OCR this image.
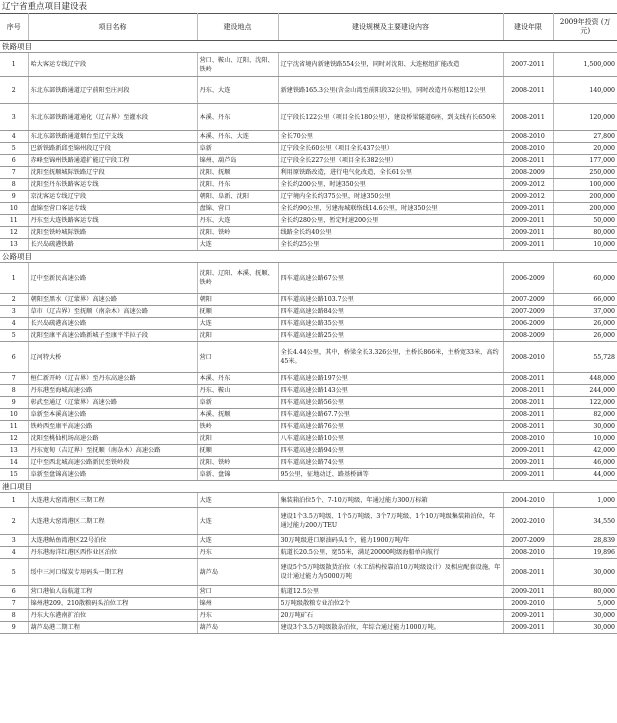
辽宁省重点项目建设表
序号	项目名称	建设地点	建设规模及主要建设内容	建设年限	2009年投资 (万元)

铁路项目					

1	哈大客运专线辽宁段	营口、鞍山、辽阳、沈阳、铁岭	辽宁沈省境内新建铁路554公里，同时对沈阳、大连枢纽扩能改造	2007-2011	1,500,000

2	东北东部铁路通道辽宁前阳至庄河段	丹东、大连	新建铁路165.3公里(含金山湾至前阳段32公里)，同时改造丹东枢纽12公里	2008-2011	140,000

3	东北东部铁路通道通化（辽吉界）至灌水段	本溪、丹东	辽宁段长122公里（项目全长180公里），建设桥梁隧道6座，到支线有长650米	2008-2011	120,000

4	东北东部铁路通道烟台至辽宁支线	本溪、丹东、大连	全长70公里	2008-2010	27,800

5	巴新铁路新邱至锦州段辽宁段	阜新	辽宁段全长60公里（项目全长437公里）	2008-2010	20,000

6	赤峰至锦州铁路通道扩能辽宁段工程	锦州、葫芦岛	辽宁段全长227公里（项目全长382公里）	2008-2011	177,000

7	沈阳至抚顺城际铁路辽宁段	沈阳、抚顺	利用原铁路改造，进行电气化改造，全长61公里	2008-2009	250,000

8	沈阳至丹东铁路客运专线	沈阳、丹东	全长约200公里，时速350公里	2009-2012	100,000

9	京沈客运专线辽宁段	朝阳、阜新、沈阳	辽宁境内全长约375公里，时速350公里	2009-2012	200,000

10	盘锦至营口客运专线	盘锦、营口	全长约90公里，另建海城联络线14.6公里，时速350公里	2009-2011	200,000

11	丹东至大连铁路客运专线	丹东、大连	全长约280公里，暂定时速200公里	2009-2011	50,000

12	沈阳至铁岭城际铁路	沈阳、铁岭	线路全长约40公里	2009-2011	80,000

13	长兴岛疏港铁路	大连	全长约25公里	2009-2011	10,000

公路项目					

1	辽中至新民高速公路	沈阳、辽阳、本溪、抚顺、铁岭	四车道高速公路67公里	2006-2009	60,000

2	朝阳至黑水（辽蒙界）高速公路	朝阳	四车道高速公路103.7公里	2007-2009	66,000

3	草市（辽吉界）至抚顺（南杂木）高速公路	抚顺	四车道高速公路84公里	2007-2009	37,000

4	长兴岛疏港高速公路	大连	四车道高速公路35公里	2006-2009	26,000

5	沈阳至康平高速公路新城子至康平半拉子段	沈阳	四车道高速公路25公里	2008-2009	26,000

6	辽河特大桥	营口	全长4.44公里，其中，桥梁全长3.326公里，主桥长866米，主桥宽33米，高约45米。	2008-2010	55,728

7	桓仁新开岭（辽吉界）至丹东高速公路	本溪、丹东	四车道高速公路197公里	2008-2011	448,000

8	丹东港至海城高速公路	丹东、鞍山	四车道高速公路143公里	2008-2011	244,000

9	彰武至通辽（辽蒙界）高速公路	阜新	四车道高速公路56公里	2008-2011	122,000

10	阜新至本溪高速公路	本溪、抚顺	四车道高速公路67.7公里	2008-2011	82,000

11	铁岭西至康平高速公路	铁岭	四车道高速公路76公里	2008-2011	30,000

12	沈阳至桃仙机场高速公路	沈阳	八车道高速公路10公里	2008-2010	10,000

13	丹东宽甸（吉辽界）至抚顺（南杂木）高速公路	抚顺	四车道高速公路94公里	2009-2011	42,000

14	辽中至西北城高速公路新民至铁岭段	沈阳、铁岭	四车道高速公路74公里	2009-2011	46,000

15	阜新至盘锦高速公路	阜新、盘锦	95公里，征地动迁、路基桥涵等	2009-2011	44,000

港口项目					

1	大连港大窑湾港区三期工程	大连	集装箱泊位5个、7-10万吨级，年通过能力300万标箱	2004-2010	1,000

2	大连港大窑湾港区二期工程	大连	建设1个3.5万吨级、1个5万吨级、3个7万吨级、1个10万吨级集装箱泊位，年通过能力200万TEU	2002-2010	34,550

3	大连港鲇鱼湾港区22号泊位	大连	30万吨级进口原油码头1个，能力1900万吨/年	2007-2009	28,839

4	丹东港海洋红港区西作业区泊位	丹东	航道长20.5公里，宽55米，满足20000吨级海船单向航行	2008-2010	19,896

5	绥中三河口煤炭专用码头一期工程	葫芦岛	建设5个5万吨级散货泊位（水工结构按靠泊10万吨级设计）及相应配套设施，年设计通过能力为5000万吨	2008-2011	30,000

6	营口港仙人岛航道工程	营口	航道12.5公里	2009-2011	80,000

7	锦州港209、210散粮码头泊位工程	锦州	5万吨级散粮专业泊位2个	2009-2010	5,000

8	丹东大东港南扩泊位	丹东	20万吨矿石	2009-2011	30,000

9	葫芦岛港二期工程	葫芦岛	建设3个3.5万吨级散杂泊位，年综合通过能力1000万吨。	2009-2011	30,000
